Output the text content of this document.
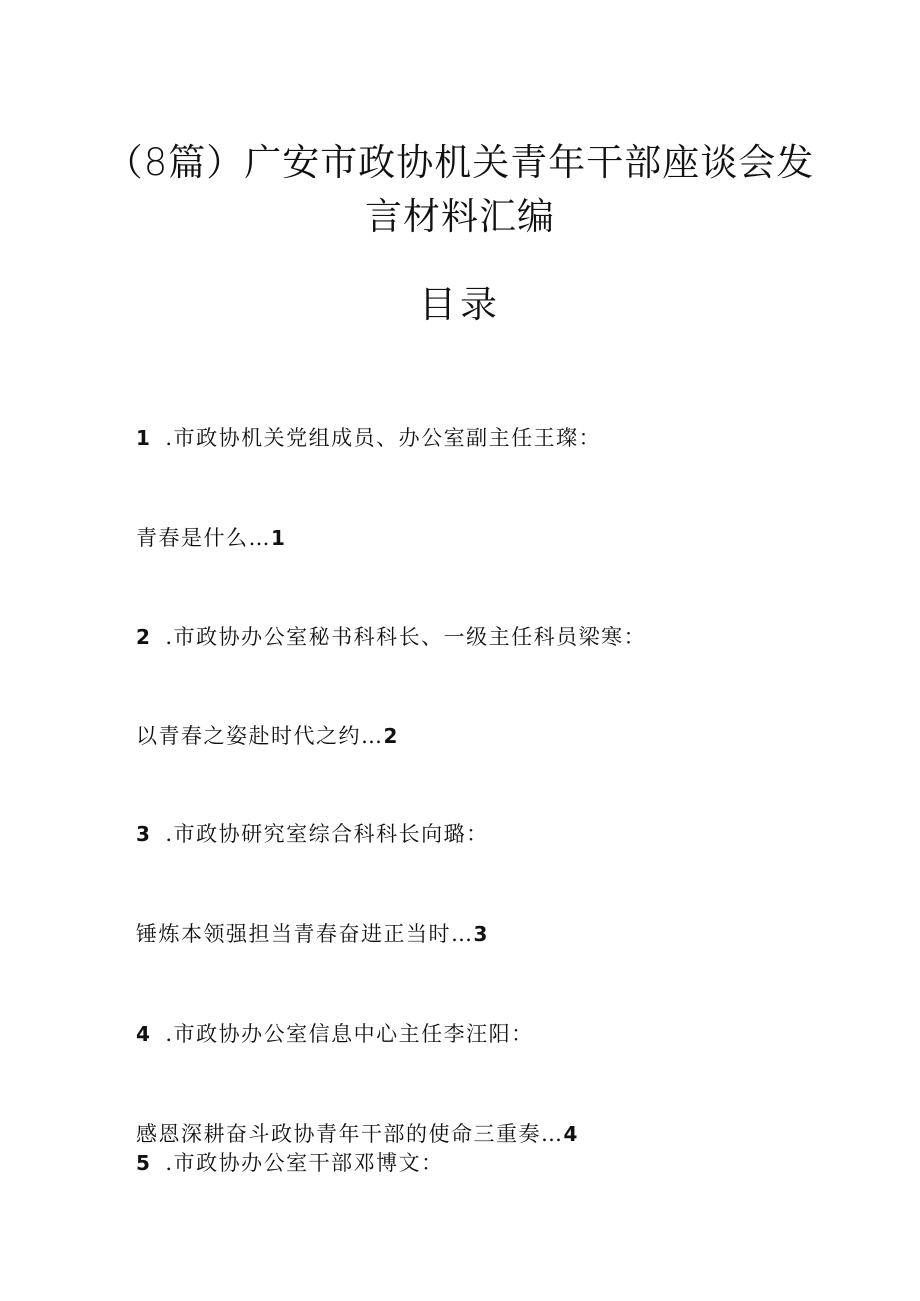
（8篇）广安市政协机关青年干部座谈会发
言材料汇编
目录
1 .市政协机关党组成员、办公室副主任王璨：
青春是什么…1
2 .市政协办公室秘书科科长、一级主任科员梁寒：
以青春之姿赴时代之约…2
3 .市政协研究室综合科科长向璐：
锤炼本领强担当青春奋进正当时…3
4 .市政协办公室信息中心主任李汪阳：
感恩深耕奋斗政协青年干部的使命三重奏…4
5 .市政协办公室干部邓博文：
